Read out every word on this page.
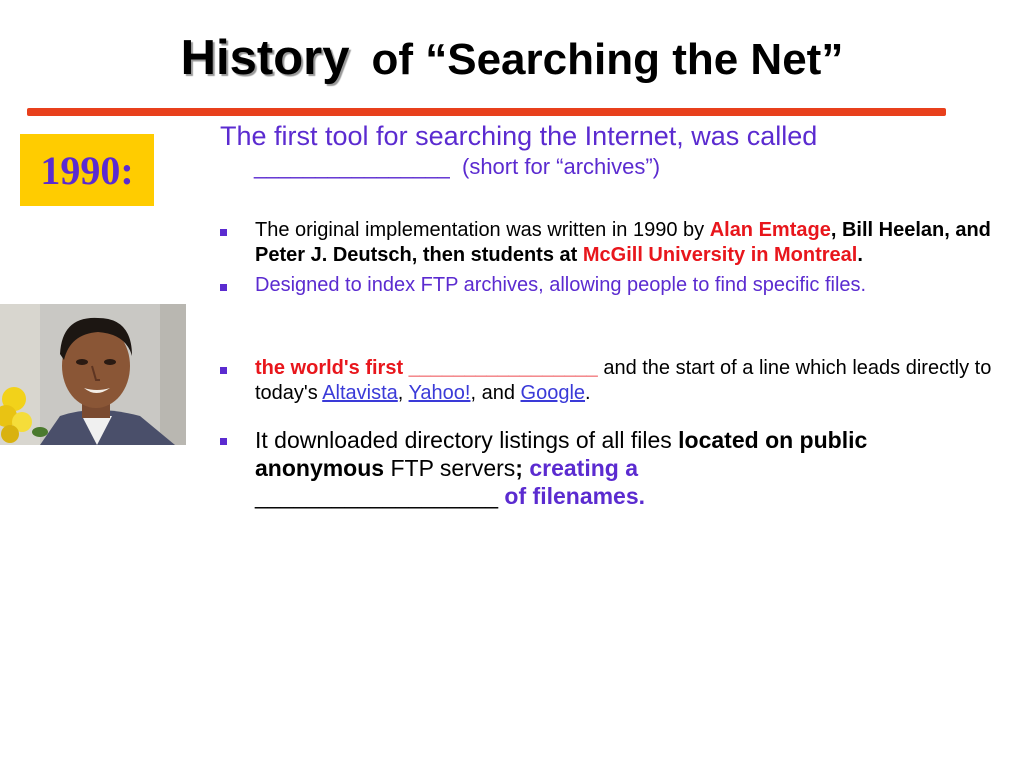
History of “Searching the Net”
1990:
The first tool for searching the Internet, was called
________________ (short for “archives”)
The original implementation was written in 1990 by Alan Emtage, Bill Heelan, and Peter J. Deutsch, then students at McGill University in Montreal.
Designed to index FTP archives, allowing people to find specific files.
the world's first _________________ and the start of a line which leads directly to today's Altavista, Yahoo!, and Google.
It downloaded directory listings of all files located on public anonymous FTP servers; creating a
___________________ of filenames.
